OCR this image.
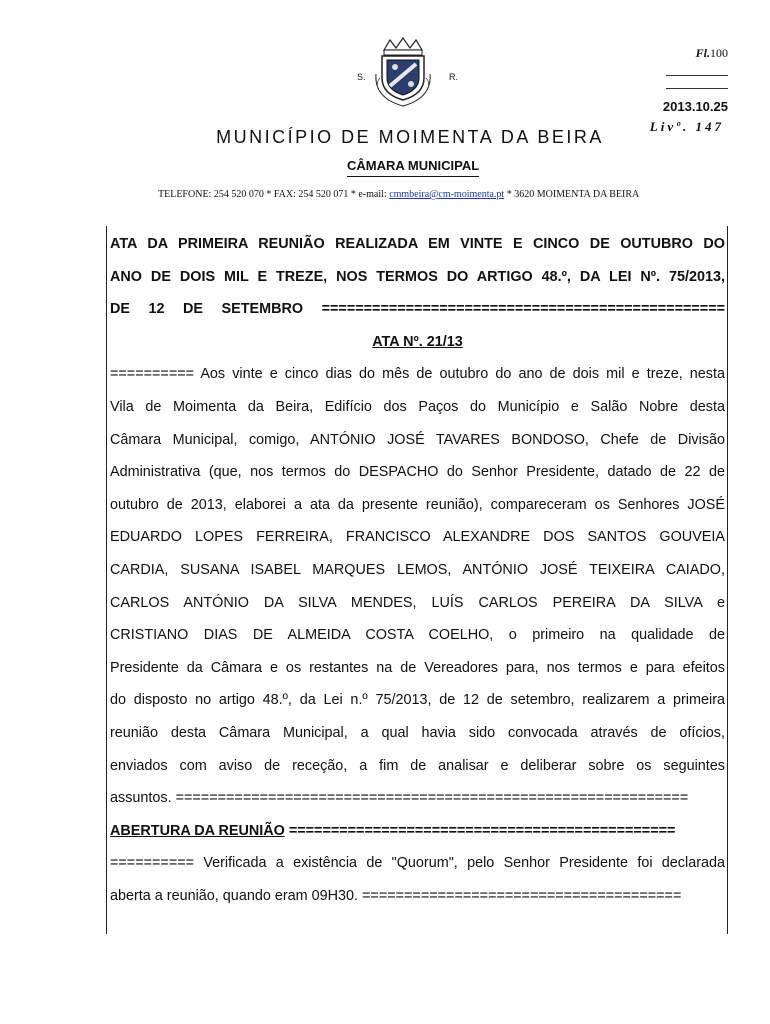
S.	R.
Fl.100
2013.10.25
Livº. 147
MUNICÍPIO DE MOIMENTA DA BEIRA
CÂMARA MUNICIPAL
TELEFONE: 254 520 070 * FAX: 254 520 071 * e-mail: cmmbeira@cm-moimenta.pt * 3620 MOIMENTA DA BEIRA
ATA DA PRIMEIRA REUNIÃO REALIZADA EM VINTE E CINCO DE OUTUBRO DO
ANO DE DOIS MIL E TREZE, NOS TERMOS DO ARTIGO 48.º, DA LEI Nº. 75/2013,
DE 12 DE SETEMBRO ================================================
ATA Nº. 21/13
========== Aos vinte e cinco dias do mês de outubro do ano de dois mil e treze, nesta
Vila de Moimenta da Beira, Edifício dos Paços do Município e Salão Nobre desta
Câmara Municipal, comigo, ANTÓNIO JOSÉ TAVARES BONDOSO, Chefe de Divisão
Administrativa (que, nos termos do DESPACHO do Senhor Presidente, datado de 22 de
outubro de 2013, elaborei a ata da presente reunião), compareceram os Senhores JOSÉ
EDUARDO LOPES FERREIRA, FRANCISCO ALEXANDRE DOS SANTOS GOUVEIA
CARDIA, SUSANA ISABEL MARQUES LEMOS, ANTÓNIO JOSÉ TEIXEIRA CAIADO,
CARLOS ANTÓNIO DA SILVA MENDES, LUÍS CARLOS PEREIRA DA SILVA e
CRISTIANO DIAS DE ALMEIDA COSTA COELHO, o primeiro na qualidade de
Presidente da Câmara e os restantes na de Vereadores para, nos termos e para efeitos
do disposto no artigo 48.º, da Lei n.º 75/2013, de 12 de setembro, realizarem a primeira
reunião desta Câmara Municipal, a qual havia sido convocada através de ofícios,
enviados com aviso de receção, a fim de analisar e deliberar sobre os seguintes
assuntos. =============================================================
ABERTURA DA REUNIÃO ==============================================
========== Verificada a existência de "Quorum", pelo Senhor Presidente foi declarada
aberta a reunião, quando eram 09H30. ======================================
